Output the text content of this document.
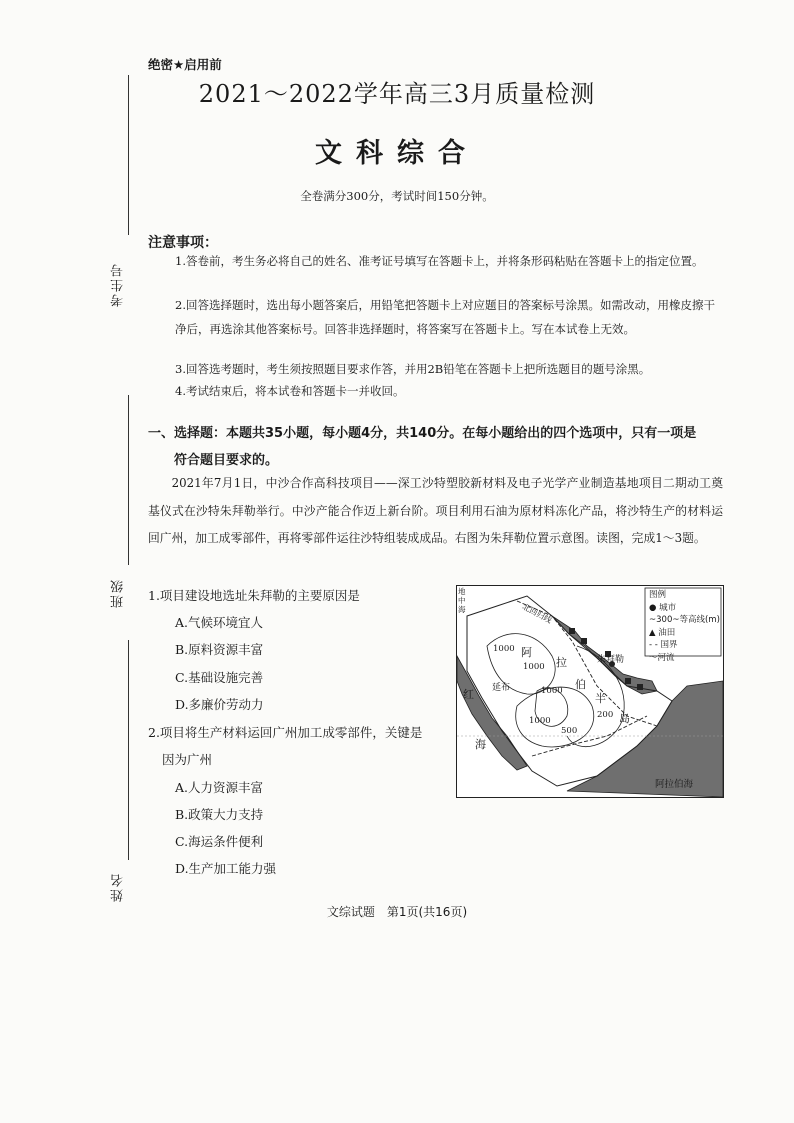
考生号
班级
姓名
绝密★启用前
2021～2022学年高三3月质量检测
文科综合
全卷满分300分，考试时间150分钟。
注意事项：
1.答卷前，考生务必将自己的姓名、准考证号填写在答题卡上，并将条形码粘贴在答题卡上的指定位置。
2.回答选择题时，选出每小题答案后，用铅笔把答题卡上对应题目的答案标号涂黑。如需改动，用橡皮擦干净后，再选涂其他答案标号。回答非选择题时，将答案写在答题卡上。写在本试卷上无效。
3.回答选考题时，考生须按照题目要求作答，并用2B铅笔在答题卡上把所选题目的题号涂黑。
4.考试结束后，将本试卷和答题卡一并收回。
一、选择题：本题共35小题，每小题4分，共140分。在每小题给出的四个选项中，只有一项是
符合题目要求的。

2021年7月1日，中沙合作高科技项目——深工沙特塑胶新材料及电子光学产业制造基地项目二期动工奠基仪式在沙特朱拜勒举行。中沙产能合作迈上新台阶。项目利用石油为原材料冻化产品，将沙特生产的材料运回广州，加工成零部件，再将零部件运往沙特组装成成品。右图为朱拜勒位置示意图。读图，完成1～3题。

1.项目建设地选址朱拜勒的主要原因是
A.气候环境宜人
B.原料资源丰富
C.基础设施完善
D.多廉价劳动力
2.项目将生产材料运回广州加工成零部件，关键是
因为广州
A.人力资源丰富
B.政策大力支持
C.海运条件便利
D.生产加工能力强
图例
● 城市
~300~等高线(m)
▲ 油田
- - 国界
～河流
地中海	北回归线
阿
拉
伯
半
岛
朱拜勒
延布
红
海
阿拉伯海
1000
1000
1000
1000
500
200
文综试题　第1页(共16页)
